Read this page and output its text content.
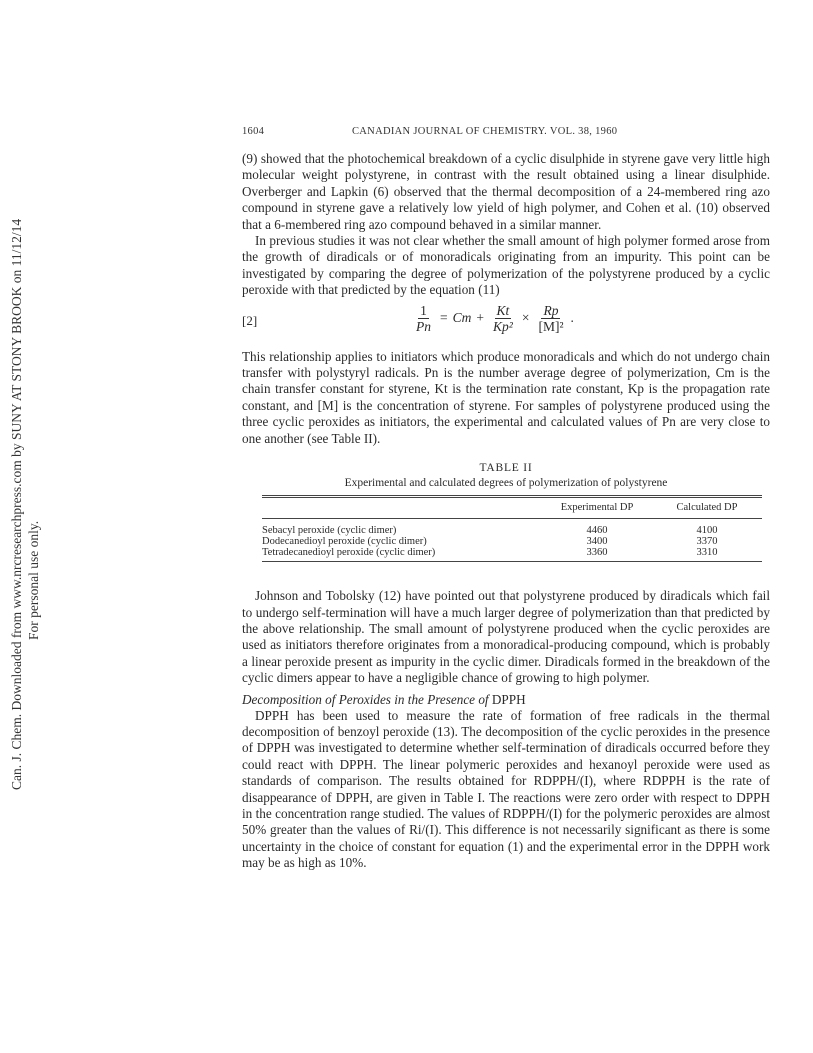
Can. J. Chem. Downloaded from www.nrcresearchpress.com by SUNY AT STONY BROOK on 11/12/14 For personal use only.
1604	CANADIAN JOURNAL OF CHEMISTRY. VOL. 38, 1960

(9) showed that the photochemical breakdown of a cyclic disulphide in styrene gave very little high molecular weight polystyrene, in contrast with the result obtained using a linear disulphide. Overberger and Lapkin (6) observed that the thermal decomposition of a 24-membered ring azo compound in styrene gave a relatively low yield of high polymer, and Cohen et al. (10) observed that a 6-membered ring azo compound behaved in a similar manner.

In previous studies it was not clear whether the small amount of high polymer formed arose from the growth of diradicals or of monoradicals originating from an impurity. This point can be investigated by comparing the degree of polymerization of the polystyrene produced by a cyclic peroxide with that predicted by the equation (11)

[2]	$\frac{1}{Pn} = Cm + \frac{Kt}{\text{Kp²}} \times \frac{Rp}{\text{[M]²}}$ .

This relationship applies to initiators which produce monoradicals and which do not undergo chain transfer with polystyryl radicals. Pn is the number average degree of polymerization, Cm is the chain transfer constant for styrene, Kt is the termination rate constant, Kp is the propagation rate constant, and [M] is the concentration of styrene. For samples of polystyrene produced using the three cyclic peroxides as initiators, the experimental and calculated values of Pn are very close to one another (see Table II).

TABLE II
Experimental and calculated degrees of polymerization of polystyrene
	Experimental DP	Calculated DP
Sebacyl peroxide (cyclic dimer)	4460	4100
Dodecanedioyl peroxide (cyclic dimer)	3400	3370
Tetradecanedioyl peroxide (cyclic dimer)	3360	3310

Johnson and Tobolsky (12) have pointed out that polystyrene produced by diradicals which fail to undergo self-termination will have a much larger degree of polymerization than that predicted by the above relationship. The small amount of polystyrene produced when the cyclic peroxides are used as initiators therefore originates from a monoradical-producing compound, which is probably a linear peroxide present as impurity in the cyclic dimer. Diradicals formed in the breakdown of the cyclic dimers appear to have a negligible chance of growing to high polymer.

Decomposition of Peroxides in the Presence of DPPH

DPPH has been used to measure the rate of formation of free radicals in the thermal decomposition of benzoyl peroxide (13). The decomposition of the cyclic peroxides in the presence of DPPH was investigated to determine whether self-termination of diradicals occurred before they could react with DPPH. The linear polymeric peroxides and hexanoyl peroxide were used as standards of comparison. The results obtained for RDPPH/(I), where RDPPH is the rate of disappearance of DPPH, are given in Table I. The reactions were zero order with respect to DPPH in the concentration range studied. The values of RDPPH/(I) for the polymeric peroxides are almost 50% greater than the values of Ri/(I). This difference is not necessarily significant as there is some uncertainty in the choice of constant for equation (1) and the experimental error in the DPPH work may be as high as 10%.
